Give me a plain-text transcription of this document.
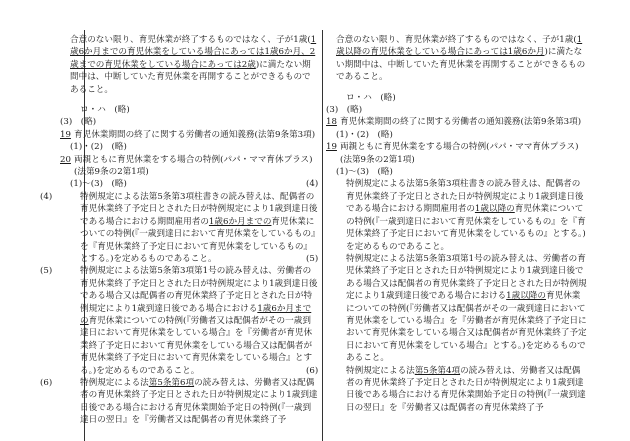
合意のない限り、育児休業が終了するものではなく、子が1歳(1歳6か月までの育児休業をしている場合にあっては1歳6か月、2歳までの育児休業をしている場合にあっては2歳)に満たない期間中は、中断していた育児休業を再開することができるものであること。

ロ・ハ　(略)

(3)　(略)

19 育児休業期間の終了に関する労働者の通知義務(法第9条第3項)

(1)・(2)　(略)

20 両親ともに育児休業をする場合の特例(パパ・ママ育休プラス)(法第9条の2第1項)

(1)～(3)　(略)

(4)	特例規定による法第5条第3項柱書きの読み替えは、配偶者の育児休業終了予定日とされた日が特例規定により1歳到達日後である場合における期間雇用者の1歳6か月までの育児休業についての特例(『一歳到達日において育児休業をしているもの』を『育児休業終了予定日において育児休業をしているもの』とする。)を定めるものであること。

(5)	特例規定による法第5条第3項第1号の読み替えは、労働者の育児休業終了予定日とされた日が特例規定により1歳到達日後である場合又は配偶者の育児休業終了予定日とされた日が特例規定により1歳到達日後である場合における1歳6か月までの育児休業についての特例(『労働者又は配偶者がその一歳到達日において育児休業をしている場合』を『労働者が育児休業終了予定日において育児休業をしている場合又は配偶者が育児休業終了予定日において育児休業をしている場合』とする。)を定めるものであること。

(6)	特例規定による法第5条第6項の読み替えは、労働者又は配偶者の育児休業終了予定日とされた日が特例規定により1歳到達日後である場合における育児休業開始予定日の特例(『一歳到達日の翌日』を『労働者又は配偶者の育児休業終了予

合意のない限り、育児休業が終了するものではなく、子が1歳(1歳以降の育児休業をしている場合にあっては1歳6か月)に満たない期間中は、中断していた育児休業を再開することができるものであること。

ロ・ハ　(略)

(3)　(略)

18 育児休業期間の終了に関する労働者の通知義務(法第9条第3項)

(1)・(2)　(略)

19 両親ともに育児休業をする場合の特例(パパ・ママ育休プラス)(法第9条の2第1項)

(1)～(3)　(略)

(4)	特例規定による法第5条第3項柱書きの読み替えは、配偶者の育児休業終了予定日とされた日が特例規定により1歳到達日後である場合における期間雇用者の1歳以降の育児休業についての特例(『一歳到達日において育児休業をしているもの』を『育児休業終了予定日において育児休業をしているもの』とする。)を定めるものであること。

(5)	特例規定による法第5条第3項第1号の読み替えは、労働者の育児休業終了予定日とされた日が特例規定により1歳到達日後である場合又は配偶者の育児休業終了予定日とされた日が特例規定により1歳到達日後である場合における1歳以降の育児休業についての特例(『労働者又は配偶者がその一歳到達日において育児休業をしている場合』を『労働者が育児休業終了予定日において育児休業をしている場合又は配偶者が育児休業終了予定日において育児休業をしている場合』とする。)を定めるものであること。

(6)	特例規定による法第5条第4項の読み替えは、労働者又は配偶者の育児休業終了予定日とされた日が特例規定により1歳到達日後である場合における育児休業開始予定日の特例(『一歳到達日の翌日』を『労働者又は配偶者の育児休業終了予
